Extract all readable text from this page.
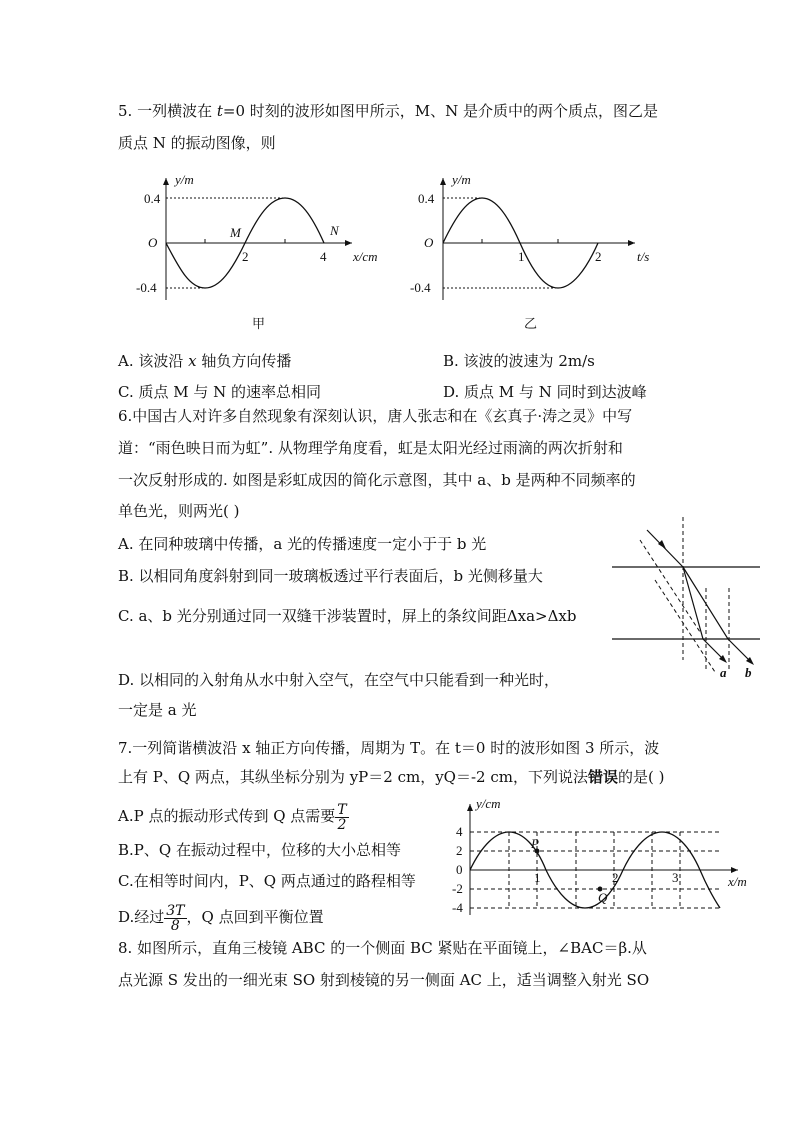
5. 一列横波在 t=0 时刻的波形如图甲所示，M、N 是介质中的两个质点，图乙是
质点 N 的振动图像，则
y/m
0.4
O
-0.4
2	4
M	N
x/cm
甲
y/m
0.4
O
-0.4
1	2	t/s
乙
A. 该波沿 x 轴负方向传播	B. 该波的波速为 2m/s
C. 质点 M 与 N 的速率总相同	D. 质点 M 与 N 同时到达波峰
6.中国古人对许多自然现象有深刻认识，唐人张志和在《玄真子·涛之灵》中写
道：“雨色映日而为虹”. 从物理学角度看，虹是太阳光经过雨滴的两次折射和
一次反射形成的. 如图是彩虹成因的简化示意图，其中 a、b 是两种不同频率的
单色光，则两光( )
A. 在同种玻璃中传播，a 光的传播速度一定小于于 b 光
B. 以相同角度斜射到同一玻璃板透过平行表面后，b 光侧移量大
C. a、b 光分别通过同一双缝干涉装置时，屏上的条纹间距Δxa>Δxb
D. 以相同的入射角从水中射入空气，在空气中只能看到一种光时，
一定是 a 光
a b
7.一列简谐横波沿 x 轴正方向传播，周期为 T。在 t＝0 时的波形如图 3 所示，波
上有 P、Q 两点，其纵坐标分别为 yP＝2 cm，yQ＝-2 cm，下列说法错误的是( )
A.P 点的振动形式传到 Q 点需要 $\frac{T}{2}$
B.P、Q 在振动过程中，位移的大小总相等
C.在相等时间内，P、Q 两点通过的路程相等
D.经过 $\frac{3T}{8}$ ，Q 点回到平衡位置
y/cm
4
2
0
-2
-4
1	2	3	x/m
P
Q
8. 如图所示，直角三棱镜 ABC 的一个侧面 BC 紧贴在平面镜上，∠BAC＝β.从
点光源 S 发出的一细光束 SO 射到棱镜的另一侧面 AC 上，适当调整入射光 SO
